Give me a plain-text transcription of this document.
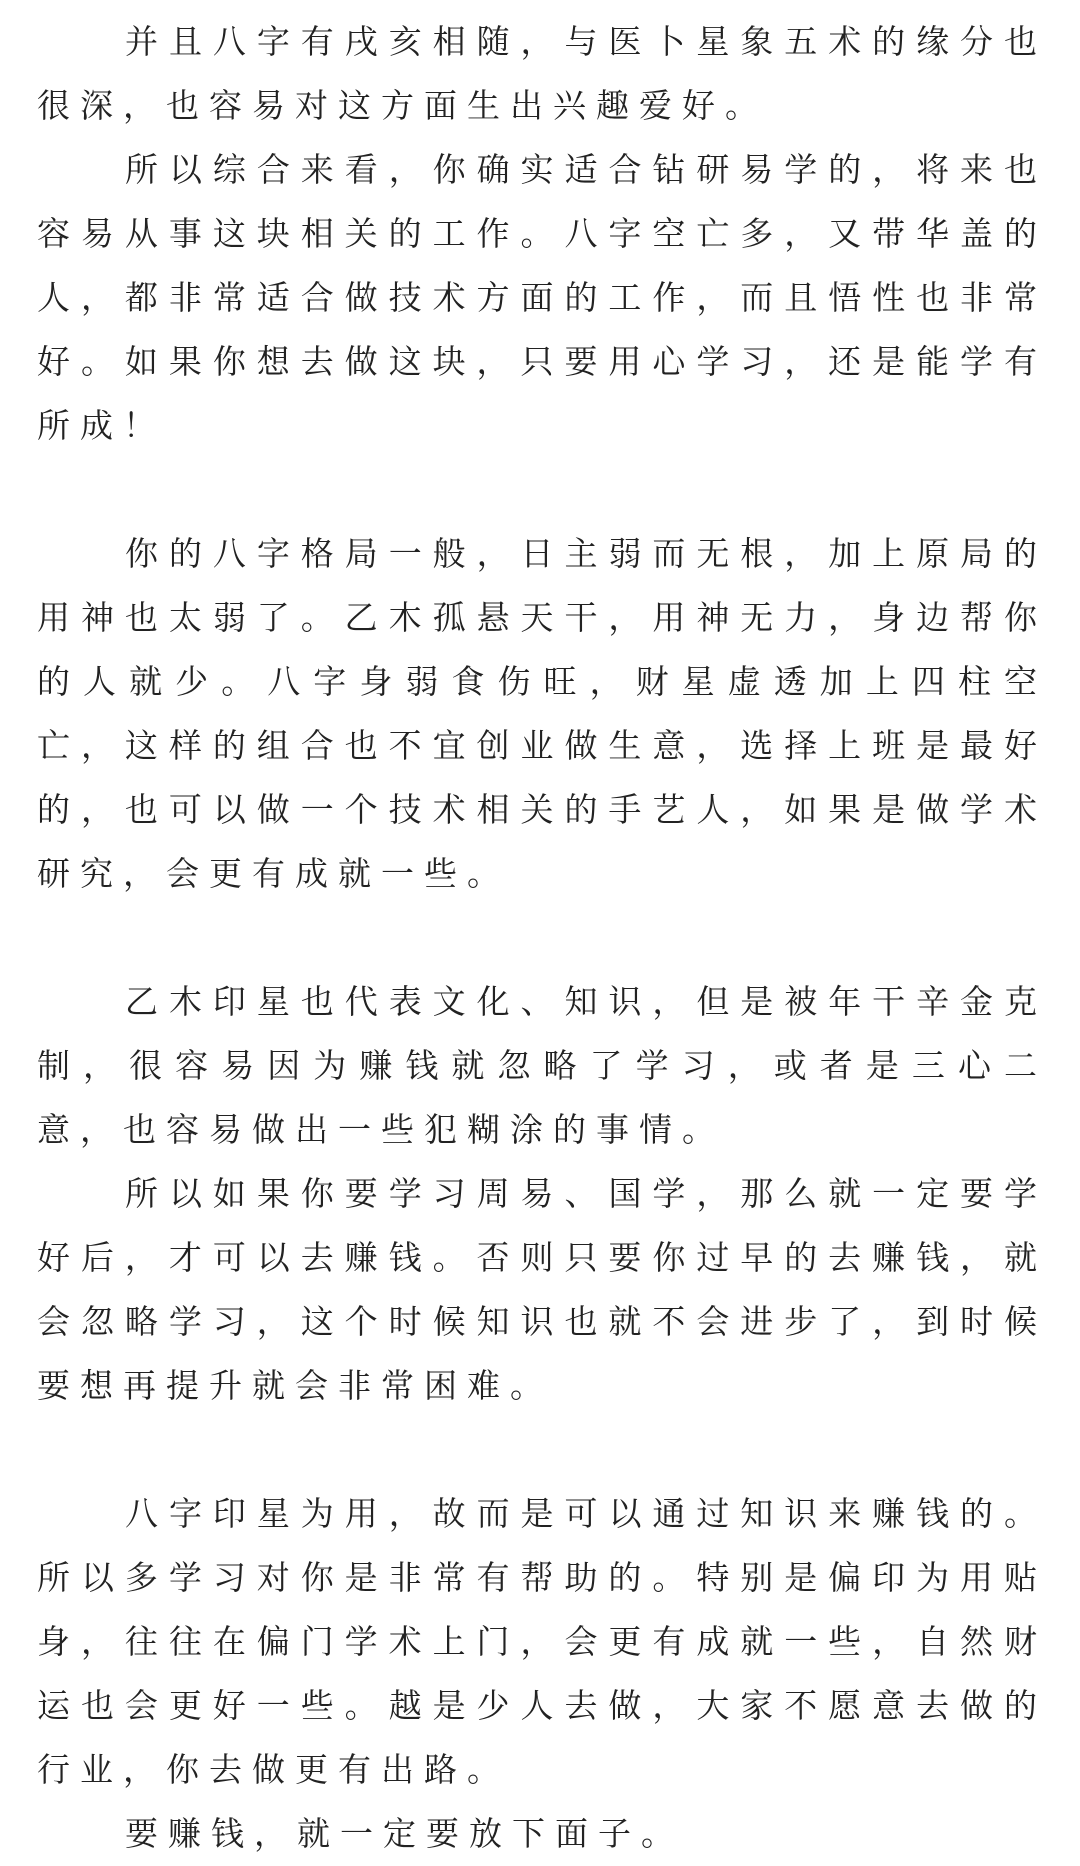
并且八字有戌亥相随，与医卜星象五术的缘分也很深，也容易对这方面生出兴趣爱好。

所以综合来看，你确实适合钻研易学的，将来也容易从事这块相关的工作。八字空亡多，又带华盖的人，都非常适合做技术方面的工作，而且悟性也非常好。如果你想去做这块，只要用心学习，还是能学有所成！

你的八字格局一般，日主弱而无根，加上原局的用神也太弱了。乙木孤悬天干，用神无力，身边帮你的人就少。八字身弱食伤旺，财星虚透加上四柱空亡，这样的组合也不宜创业做生意，选择上班是最好的，也可以做一个技术相关的手艺人，如果是做学术研究，会更有成就一些。

乙木印星也代表文化、知识，但是被年干辛金克制，很容易因为赚钱就忽略了学习，或者是三心二意，也容易做出一些犯糊涂的事情。

所以如果你要学习周易、国学，那么就一定要学好后，才可以去赚钱。否则只要你过早的去赚钱，就会忽略学习，这个时候知识也就不会进步了，到时候要想再提升就会非常困难。

八字印星为用，故而是可以通过知识来赚钱的。所以多学习对你是非常有帮助的。特别是偏印为用贴身，往往在偏门学术上门，会更有成就一些，自然财运也会更好一些。越是少人去做，大家不愿意去做的行业，你去做更有出路。

要赚钱，就一定要放下面子。
